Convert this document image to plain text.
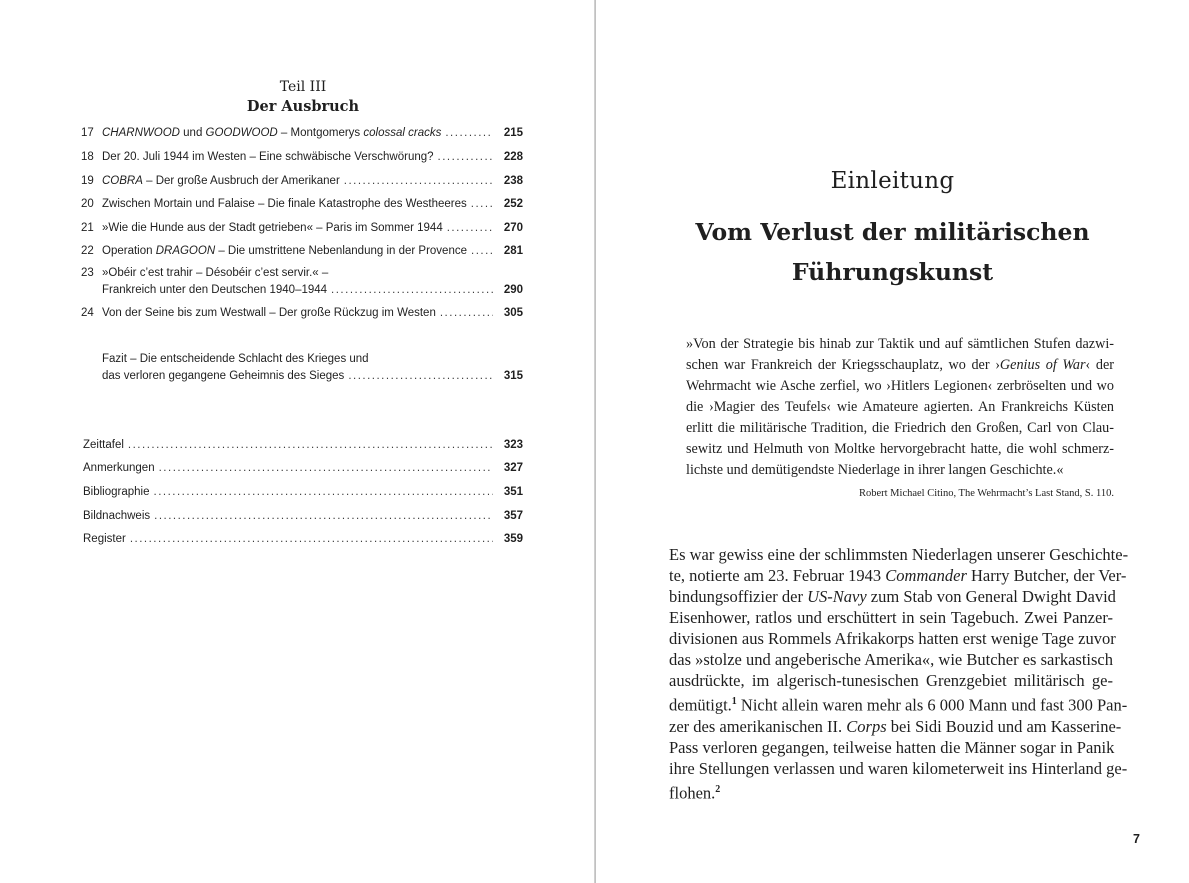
Teil III
Der Ausbruch
17 CHARNWOOD und GOODWOOD – Montgomerys colossal cracks .....	215
18 Der 20. Juli 1944 im Westen – Eine schwäbische Verschwörung? .....	228
19 COBRA – Der große Ausbruch der Amerikaner .....	238
20 Zwischen Mortain und Falaise – Die finale Katastrophe des Westheeres .....	252
21 »Wie die Hunde aus der Stadt getrieben« – Paris im Sommer 1944 .....	270
22 Operation DRAGOON – Die umstrittene Nebenlandung in der Provence .....	281
23 »Obéir c’est trahir – Désobéir c’est servir.« –
Frankreich unter den Deutschen 1940–1944 .....	290
24 Von der Seine bis zum Westwall – Der große Rückzug im Westen .....	305
Fazit – Die entscheidende Schlacht des Krieges und
das verloren gegangene Geheimnis des Sieges .....	315
Zeittafel .....	323
Anmerkungen .....	327
Bibliographie .....	351
Bildnachweis .....	357
Register .....	359
Einleitung
Vom Verlust der militärischen
Führungskunst
»Von der Strategie bis hinab zur Taktik und auf sämtlichen Stufen dazwi-
schen war Frankreich der Kriegsschauplatz, wo der ›Genius of War‹ der
Wehrmacht wie Asche zerfiel, wo ›Hitlers Legionen‹ zerbröselten und wo
die ›Magier des Teufels‹ wie Amateure agierten. An Frankreichs Küsten
erlitt die militärische Tradition, die Friedrich den Großen, Carl von Clau-
sewitz und Helmuth von Moltke hervorgebracht hatte, die wohl schmerz-
lichste und demütigendste Niederlage in ihrer langen Geschichte.«
Robert Michael Citino, The Wehrmacht’s Last Stand, S. 110.
Es war gewiss eine der schlimmsten Niederlagen unserer Geschichte-
te, notierte am 23. Februar 1943 Commander Harry Butcher, der Ver-
bindungsoffizier der US-Navy zum Stab von General Dwight David
Eisenhower, ratlos und erschüttert in sein Tagebuch. Zwei Panzer-
divisionen aus Rommels Afrikakorps hatten erst wenige Tage zuvor
das »stolze und angeberische Amerika«, wie Butcher es sarkastisch
ausdrückte, im algerisch-tunesischen Grenzgebiet militärisch ge-
demütigt.$^1$ Nicht allein waren mehr als 6 000 Mann und fast 300 Pan-
zer des amerikanischen II. Corps bei Sidi Bouzid und am Kasserine-
Pass verloren gegangen, teilweise hatten die Männer sogar in Panik
ihre Stellungen verlassen und waren kilometerweit ins Hinterland ge-
flohen.$^2$
7
